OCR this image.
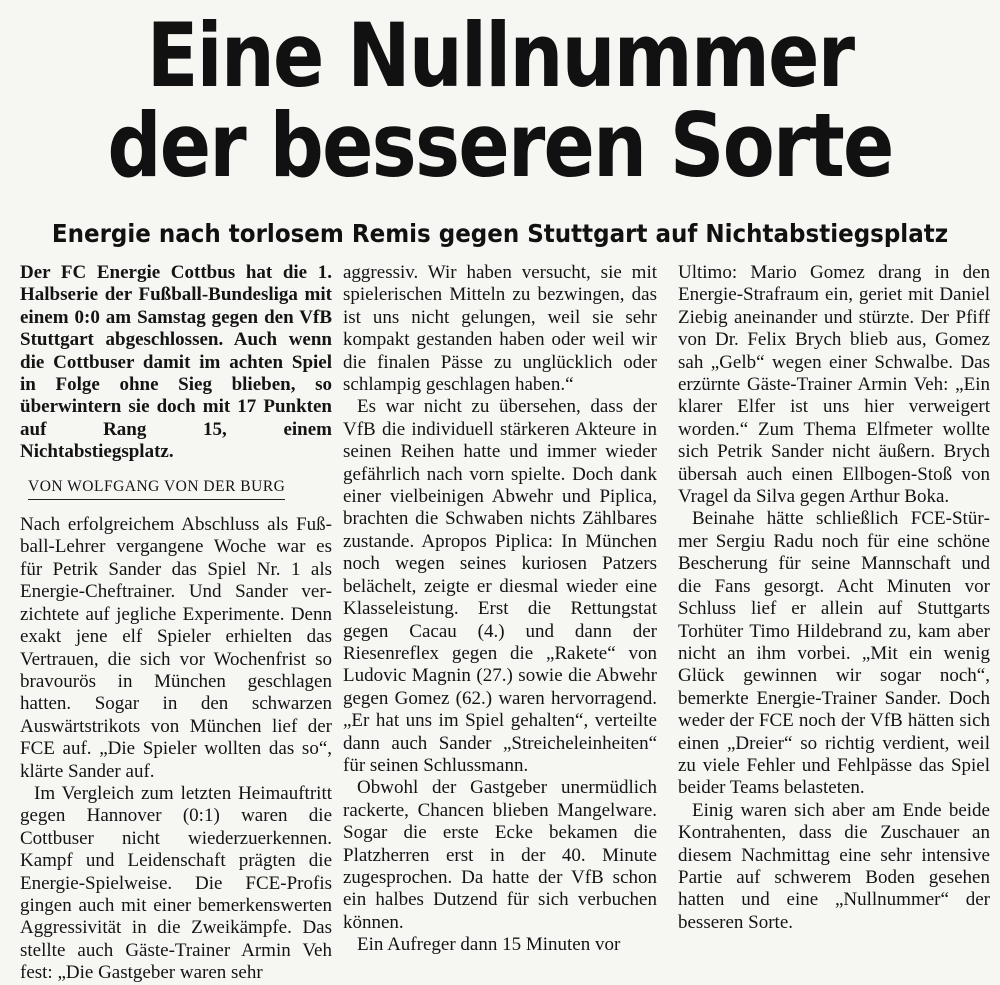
Eine Nullnummer
der besseren Sorte
Energie nach torlosem Remis gegen Stuttgart auf Nichtabstiegsplatz

Der FC Energie Cottbus hat die 1. Halbserie der Fußball-Bundesliga mit einem 0:0 am Samstag gegen den VfB Stuttgart abgeschlossen. Auch wenn die Cottbuser damit im achten Spiel in Folge ohne Sieg blieben, so überwintern sie doch mit 17 Punkten auf Rang 15, einem Nichtabstiegsplatz.

VON WOLFGANG VON DER BURG

Nach erfolgreichem Abschluss als Fußball-Lehrer vergangene Woche war es für Petrik Sander das Spiel Nr. 1 als Energie-Cheftrainer. Und Sander verzichtete auf jegliche Experimente. Denn exakt jene elf Spieler erhielten das Vertrauen, die sich vor Wochenfrist so bravourös in München geschlagen hatten. Sogar in den schwarzen Auswärtstrikots von München lief der FCE auf. „Die Spieler wollten das so“, klärte Sander auf.

Im Vergleich zum letzten Heimauftritt gegen Hannover (0:1) waren die Cottbuser nicht wiederzuerkennen. Kampf und Leidenschaft prägten die Energie-Spielweise. Die FCE-Profis gingen auch mit einer bemerkenswerten Aggressivität in die Zweikämpfe. Das stellte auch Gäste-Trainer Armin Veh fest: „Die Gastgeber waren sehr

aggressiv. Wir haben versucht, sie mit spielerischen Mitteln zu bezwingen, das ist uns nicht gelungen, weil sie sehr kompakt gestanden haben oder weil wir die finalen Pässe zu unglücklich oder schlampig geschlagen haben.“

Es war nicht zu übersehen, dass der VfB die individuell stärkeren Akteure in seinen Reihen hatte und immer wieder gefährlich nach vorn spielte. Doch dank einer vielbeinigen Abwehr und Piplica, brachten die Schwaben nichts Zählbares zustande. Apropos Piplica: In München noch wegen seines kuriosen Patzers belächelt, zeigte er diesmal wieder eine Klasseleistung. Erst die Rettungstat gegen Cacau (4.) und dann der Riesenreflex gegen die „Rakete“ von Ludovic Magnin (27.) sowie die Abwehr gegen Gomez (62.) waren hervorragend. „Er hat uns im Spiel gehalten“, verteilte dann auch Sander „Streicheleinheiten“ für seinen Schlussmann.

Obwohl der Gastgeber unermüdlich rackerte, Chancen blieben Mangelware. Sogar die erste Ecke bekamen die Platzherren erst in der 40. Minute zugesprochen. Da hatte der VfB schon ein halbes Dutzend für sich verbuchen können.

Ein Aufreger dann 15 Minuten vor

Ultimo: Mario Gomez drang in den Energie-Strafraum ein, geriet mit Daniel Ziebig aneinander und stürzte. Der Pfiff von Dr. Felix Brych blieb aus, Gomez sah „Gelb“ wegen einer Schwalbe. Das erzürnte Gäste-Trainer Armin Veh: „Ein klarer Elfer ist uns hier verweigert worden.“ Zum Thema Elfmeter wollte sich Petrik Sander nicht äußern. Brych übersah auch einen Ellbogen-Stoß von Vragel da Silva gegen Arthur Boka.

Beinahe hätte schließlich FCE-Stürmer Sergiu Radu noch für eine schöne Bescherung für seine Mannschaft und die Fans gesorgt. Acht Minuten vor Schluss lief er allein auf Stuttgarts Torhüter Timo Hildebrand zu, kam aber nicht an ihm vorbei. „Mit ein wenig Glück gewinnen wir sogar noch“, bemerkte Energie-Trainer Sander. Doch weder der FCE noch der VfB hätten sich einen „Dreier“ so richtig verdient, weil zu viele Fehler und Fehlpässe das Spiel beider Teams belasteten.

Einig waren sich aber am Ende beide Kontrahenten, dass die Zuschauer an diesem Nachmittag eine sehr intensive Partie auf schwerem Boden gesehen hatten und eine „Nullnummer“ der besseren Sorte.
